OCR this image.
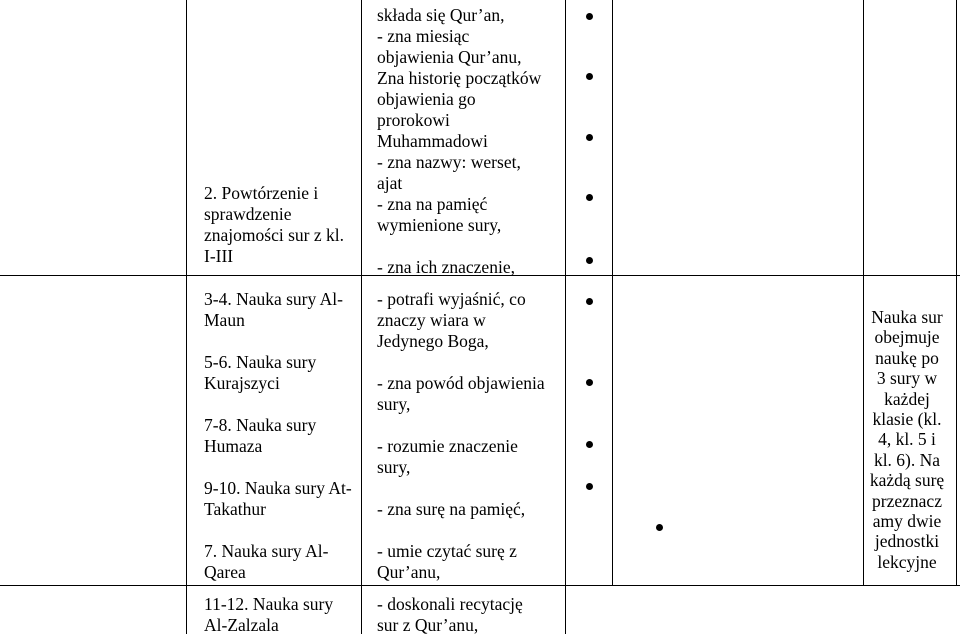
2. Powtórzenie i

sprawdzenie

znajomości sur z kl.

I-III

składa się Qur’an,

- zna miesiąc

objawienia Qur’anu,

Zna historię początków

objawienia go

prorokowi

Muhammadowi

- zna nazwy: werset,

ajat

- zna na pamięć

wymienione sury,

- zna ich znaczenie,

3-4. Nauka sury Al-

Maun

5-6. Nauka sury

Kurajszyci

7-8. Nauka sury

Humaza

9-10. Nauka sury At-

Takathur

7. Nauka sury Al-

Qarea

- potrafi wyjaśnić, co

znaczy wiara w

Jedynego Boga,

- zna powód objawienia

sury,

- rozumie znaczenie

sury,

- zna surę na pamięć,

- umie czytać surę z

Qur’anu,

Nauka sur
obejmuje
naukę po
3 sury w
każdej
klasie (kl.
4, kl. 5 i
kl. 6). Na
każdą surę
przeznacz
amy dwie
jednostki
lekcyjne

11-12. Nauka sury

Al-Zalzala

- doskonali recytację

sur z Qur’anu,
